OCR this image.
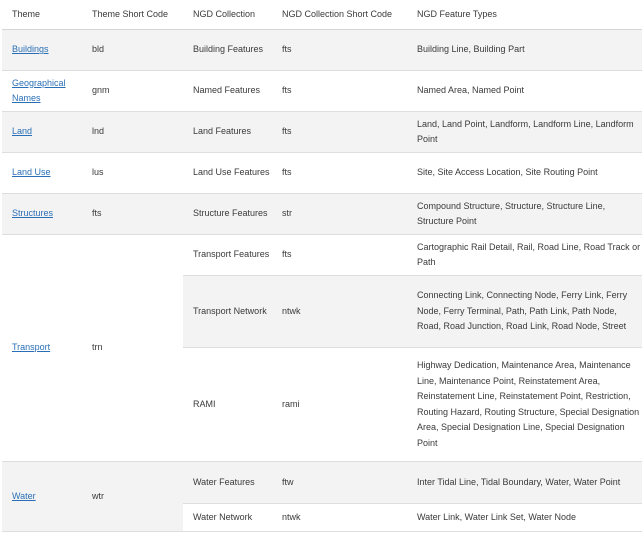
Theme	Theme Short Code	NGD Collection	NGD Collection Short Code	NGD Feature Types
Buildings	bld	Building Features	fts	Building Line, Building Part
Geographical Names	gnm	Named Features	fts	Named Area, Named Point
Land	lnd	Land Features	fts	Land, Land Point, Landform, Landform Line, Landform Point
Land Use	lus	Land Use Features	fts	Site, Site Access Location, Site Routing Point
Structures	fts	Structure Features	str	Compound Structure, Structure, Structure Line, Structure Point
Transport	trn	Transport Features	fts	Cartographic Rail Detail, Rail, Road Line, Road Track or Path
		Transport Network	ntwk	Connecting Link, Connecting Node, Ferry Link, Ferry Node, Ferry Terminal, Path, Path Link, Path Node, Road, Road Junction, Road Link, Road Node, Street
		RAMI	rami	Highway Dedication, Maintenance Area, Maintenance Line, Maintenance Point, Reinstatement Area, Reinstatement Line, Reinstatement Point, Restriction, Routing Hazard, Routing Structure, Special Designation Area, Special Designation Line, Special Designation Point
Water	wtr	Water Features	ftw	Inter Tidal Line, Tidal Boundary, Water, Water Point
		Water Network	ntwk	Water Link, Water Link Set, Water Node
